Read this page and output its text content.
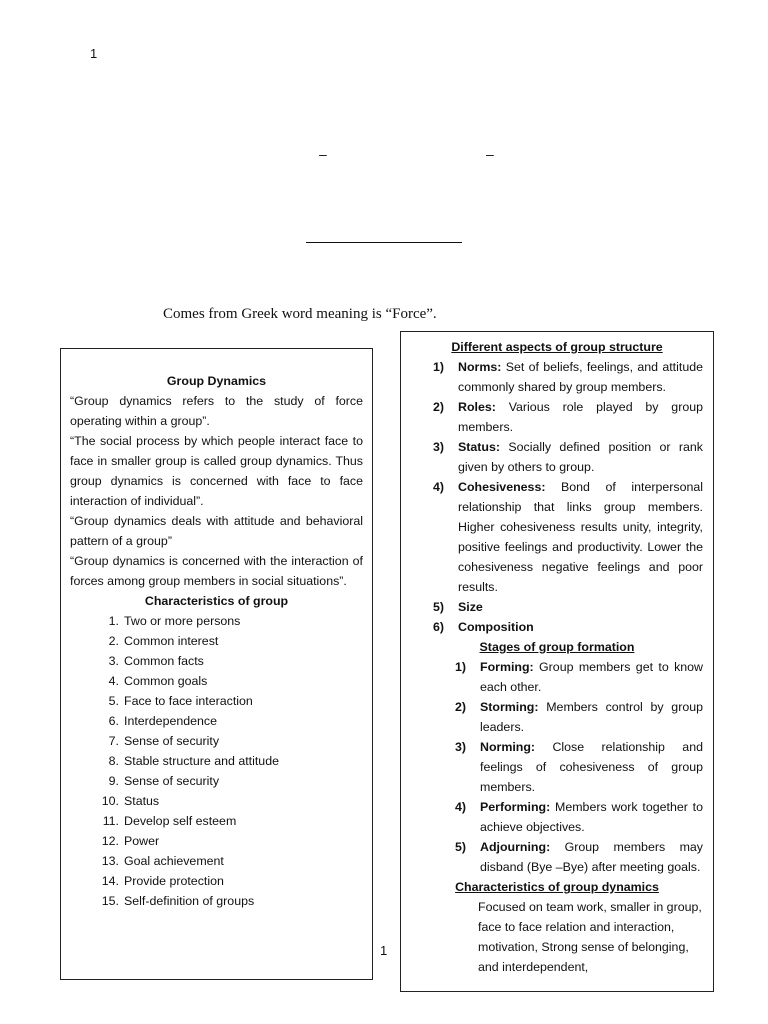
1
–	–
Comes from Greek word meaning is “Force”.
Group Dynamics
“Group dynamics refers to the study of force operating within a group”.
“The social process by which people interact face to face in smaller group is called group dynamics. Thus group dynamics is concerned with face to face interaction of individual”.
“Group dynamics deals with attitude and behavioral pattern of a group”
“Group dynamics is concerned with the interaction of forces among group members in social situations”.
Characteristics of group
1. Two or more persons
2. Common interest
3. Common facts
4. Common goals
5. Face to face interaction
6. Interdependence
7. Sense of security
8. Stable structure and attitude
9. Sense of security
10. Status
11. Develop self esteem
12. Power
13. Goal achievement
14. Provide protection
15. Self-definition of groups
1
Different aspects of group structure
1) Norms: Set of beliefs, feelings, and attitude commonly shared by group members.
2) Roles: Various role played by group members.
3) Status: Socially defined position or rank given by others to group.
4) Cohesiveness: Bond of interpersonal relationship that links group members. Higher cohesiveness results unity, integrity, positive feelings and productivity. Lower the cohesiveness negative feelings and poor results.
5) Size
6) Composition
Stages of group formation
1) Forming: Group members get to know each other.
2) Storming: Members control by group leaders.
3) Norming: Close relationship and feelings of cohesiveness of group members.
4) Performing: Members work together to achieve objectives.
5) Adjourning: Group members may disband (Bye –Bye) after meeting goals.
Characteristics of group dynamics
Focused on team work, smaller in group, face to face relation and interaction, motivation, Strong sense of belonging, and interdependent,
